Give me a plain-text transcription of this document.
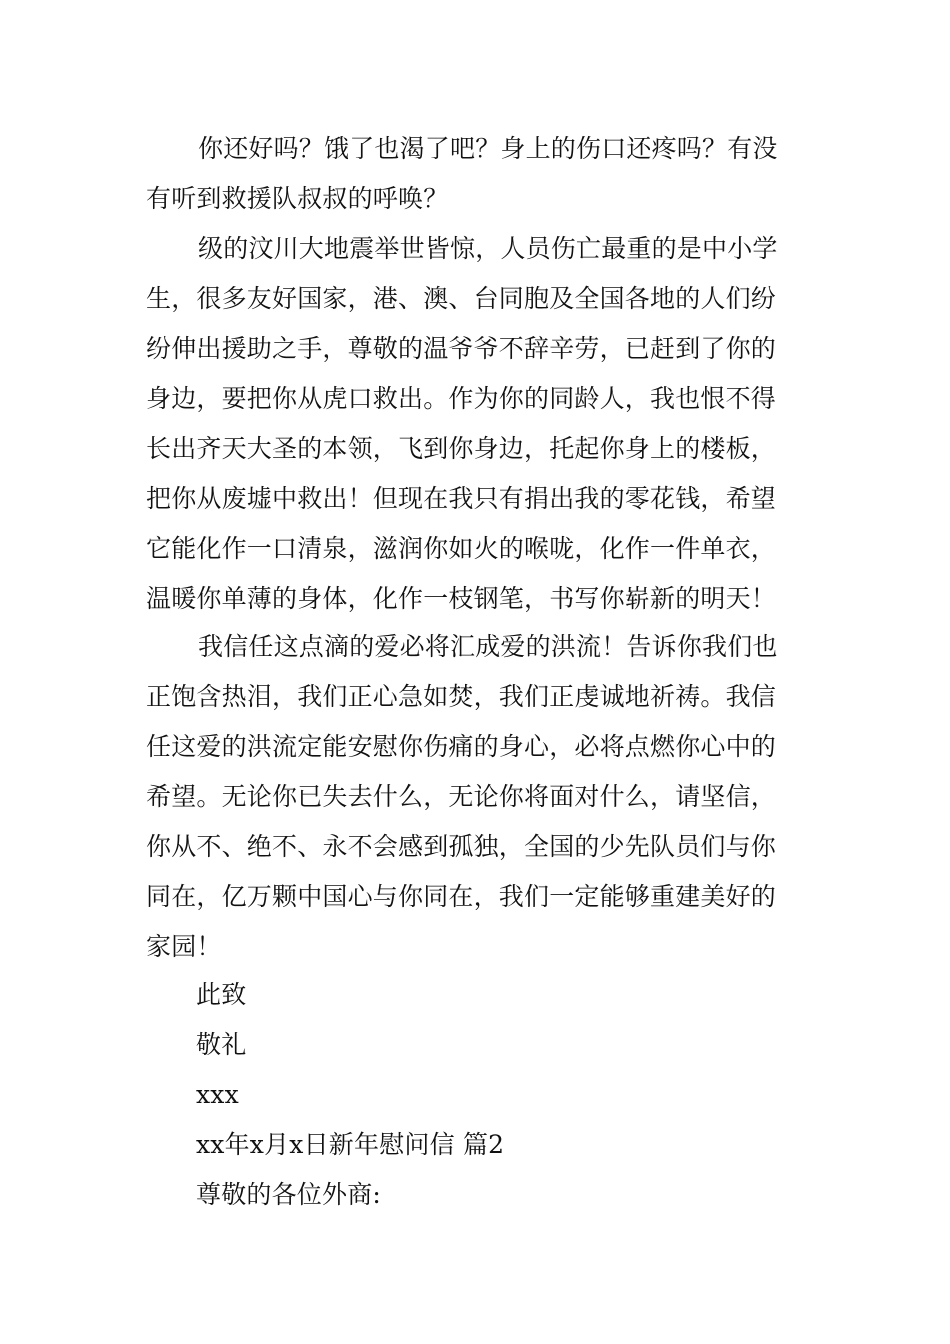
你还好吗？饿了也渴了吧？身上的伤口还疼吗？有没
有听到救援队叔叔的呼唤？
级的汶川大地震举世皆惊，人员伤亡最重的是中小学
生，很多友好国家，港、澳、台同胞及全国各地的人们纷
纷伸出援助之手，尊敬的温爷爷不辞辛劳，已赶到了你的
身边，要把你从虎口救出。作为你的同龄人，我也恨不得
长出齐天大圣的本领，飞到你身边，托起你身上的楼板，
把你从废墟中救出！但现在我只有捐出我的零花钱，希望
它能化作一口清泉，滋润你如火的喉咙，化作一件单衣，
温暖你单薄的身体，化作一枝钢笔，书写你崭新的明天！
我信任这点滴的爱必将汇成爱的洪流！告诉你我们也
正饱含热泪，我们正心急如焚，我们正虔诚地祈祷。我信
任这爱的洪流定能安慰你伤痛的身心，必将点燃你心中的
希望。无论你已失去什么，无论你将面对什么，请坚信，
你从不、绝不、永不会感到孤独，全国的少先队员们与你
同在，亿万颗中国心与你同在，我们一定能够重建美好的
家园！
此致
敬礼
xxx
xx年x月x日新年慰问信 篇2
尊敬的各位外商:
